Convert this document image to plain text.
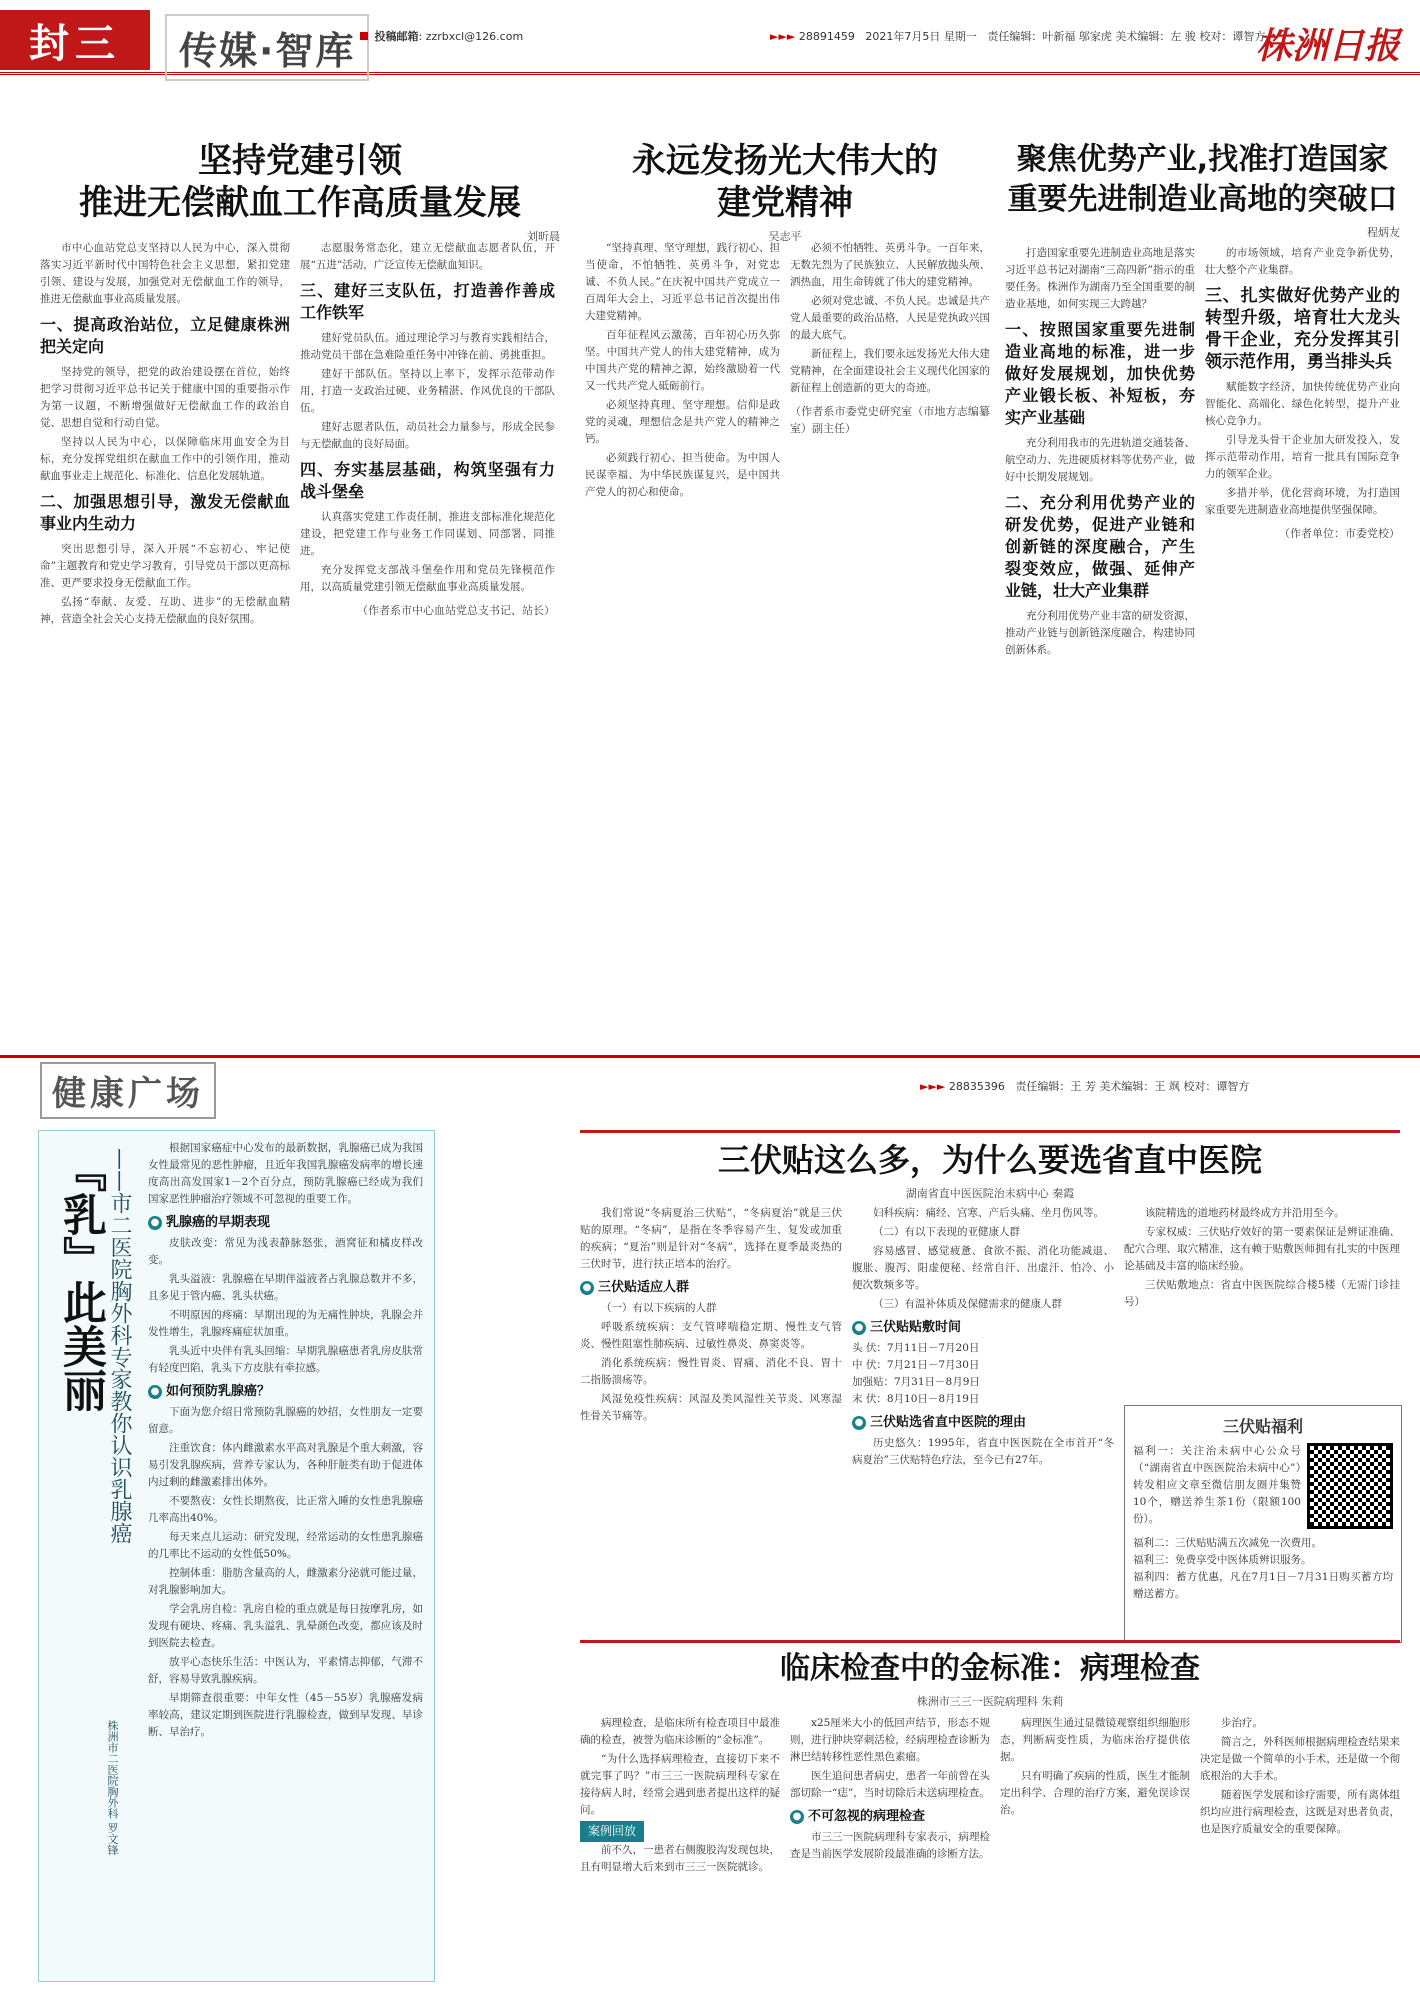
封三	传媒·智库	投稿邮箱: zzrbxcl@126.com	►►► 28891459 2021年7月5日 星期一 责任编辑：叶新福 邬家虎 美术编辑：左 骏 校对：谭智方
株洲日报
坚持党建引领
推进无偿献血工作高质量发展
刘昕晨

市中心血站党总支坚持以人民为中心，深入贯彻落实习近平新时代中国特色社会主义思想，紧扣党建引领、建设与发展，加强党对无偿献血工作的领导，推进无偿献血事业高质量发展。

一、提高政治站位，立足健康株洲把关定向

坚持党的领导，把党的政治建设摆在首位，始终把学习贯彻习近平总书记关于健康中国的重要指示作为第一议题，不断增强做好无偿献血工作的政治自觉、思想自觉和行动自觉。

坚持以人民为中心，以保障临床用血安全为目标，充分发挥党组织在献血工作中的引领作用，推动献血事业走上规范化、标准化、信息化发展轨道。

二、加强思想引导，激发无偿献血事业内生动力

突出思想引导，深入开展“不忘初心、牢记使命”主题教育和党史学习教育，引导党员干部以更高标准、更严要求投身无偿献血工作。

弘扬“奉献、友爱、互助、进步”的无偿献血精神，营造全社会关心支持无偿献血的良好氛围。

志愿服务常态化，建立无偿献血志愿者队伍，开展“五进”活动，广泛宣传无偿献血知识。

三、建好三支队伍，打造善作善成工作铁军

建好党员队伍。通过理论学习与教育实践相结合，推动党员干部在急难险重任务中冲锋在前、勇挑重担。

建好干部队伍。坚持以上率下，发挥示范带动作用，打造一支政治过硬、业务精湛、作风优良的干部队伍。

建好志愿者队伍，动员社会力量参与，形成全民参与无偿献血的良好局面。

四、夯实基层基础，构筑坚强有力战斗堡垒

认真落实党建工作责任制，推进支部标准化规范化建设，把党建工作与业务工作同谋划、同部署、同推进。

充分发挥党支部战斗堡垒作用和党员先锋模范作用，以高质量党建引领无偿献血事业高质量发展。

（作者系市中心血站党总支书记、站长）
永远发扬光大伟大的
建党精神
吴志平

“坚持真理、坚守理想，践行初心、担当使命，不怕牺牲、英勇斗争，对党忠诚、不负人民。”在庆祝中国共产党成立一百周年大会上，习近平总书记首次提出伟大建党精神。

百年征程风云激荡，百年初心历久弥坚。中国共产党人的伟大建党精神，成为中国共产党的精神之源，始终激励着一代又一代共产党人砥砺前行。

必须坚持真理、坚守理想。信仰是政党的灵魂，理想信念是共产党人的精神之钙。

必须践行初心、担当使命。为中国人民谋幸福、为中华民族谋复兴，是中国共产党人的初心和使命。

必须不怕牺牲、英勇斗争。一百年来，无数先烈为了民族独立、人民解放抛头颅、洒热血，用生命铸就了伟大的建党精神。

必须对党忠诚、不负人民。忠诚是共产党人最重要的政治品格，人民是党执政兴国的最大底气。

新征程上，我们要永远发扬光大伟大建党精神，在全面建设社会主义现代化国家的新征程上创造新的更大的奇迹。

（作者系市委党史研究室（市地方志编纂室）副主任）
聚焦优势产业,找准打造国家
重要先进制造业高地的突破口
程炳友

打造国家重要先进制造业高地是落实习近平总书记对湖南“三高四新”指示的重要任务。株洲作为湖南乃至全国重要的制造业基地，如何实现三大跨越？

一、按照国家重要先进制造业高地的标准，进一步做好发展规划，加快优势产业锻长板、补短板，夯实产业基础

充分利用我市的先进轨道交通装备、航空动力、先进硬质材料等优势产业，做好中长期发展规划。

二、充分利用优势产业的研发优势，促进产业链和创新链的深度融合，产生裂变效应，做强、延伸产业链，壮大产业集群

充分利用优势产业丰富的研发资源，推动产业链与创新链深度融合，构建协同创新体系。

的市场领域，培育产业竞争新优势，壮大整个产业集群。

三、扎实做好优势产业的转型升级，培育壮大龙头骨干企业，充分发挥其引领示范作用，勇当排头兵

赋能数字经济，加快传统优势产业向智能化、高端化、绿色化转型，提升产业核心竞争力。

引导龙头骨干企业加大研发投入，发挥示范带动作用，培育一批具有国际竞争力的领军企业。

多措并举，优化营商环境，为打造国家重要先进制造业高地提供坚强保障。

（作者单位：市委党校）
健康广场	►►► 28835396 责任编辑：王 芳 美术编辑：王 飒 校对：谭智方
『乳』此美丽 ——市二医院胸外科专家教你认识乳腺癌
株洲市二医院胸外科 罗文锋

根据国家癌症中心发布的最新数据，乳腺癌已成为我国女性最常见的恶性肿瘤，且近年我国乳腺癌发病率的增长速度高出高发国家1－2个百分点，预防乳腺癌已经成为我们国家恶性肿瘤治疗领域不可忽视的重要工作。

● 乳腺癌的早期表现

皮肤改变：常见为浅表静脉怒张，酒窝征和橘皮样改变。

乳头溢液：乳腺癌在早期伴溢液者占乳腺总数并不多，且多见于管内癌、乳头状癌。

不明原因的疼痛：早期出现的为无痛性肿块，乳腺会并发性增生，乳腺疼痛症状加重。

乳头近中央伴有乳头回缩：早期乳腺癌患者乳房皮肤常有轻度凹陷，乳头下方皮肤有牵拉感。

● 如何预防乳腺癌？

下面为您介绍日常预防乳腺癌的妙招，女性朋友一定要留意。

注重饮食：体内雌激素水平高对乳腺是个重大刺激，容易引发乳腺疾病，营养专家认为，各种肝脏类有助于促进体内过剩的雌激素排出体外。

不要熬夜：女性长期熬夜，比正常入睡的女性患乳腺癌几率高出40%。

每天来点儿运动：研究发现，经常运动的女性患乳腺癌的几率比不运动的女性低50%。

控制体重：脂肪含量高的人，雌激素分泌就可能过量，对乳腺影响加大。

学会乳房自检：乳房自检的重点就是每日按摩乳房，如发现有硬块、疼痛、乳头溢乳、乳晕颜色改变，都应该及时到医院去检查。

放平心态快乐生活：中医认为，平素情志抑郁，气滞不舒，容易导致乳腺疾病。

早期筛查很重要：中年女性（45－55岁）乳腺癌发病率较高，建议定期到医院进行乳腺检查，做到早发现、早诊断、早治疗。

三伏贴这么多，为什么要选省直中医院
湖南省直中医医院治未病中心 秦霞

我们常说“冬病夏治三伏贴”，“冬病夏治”就是三伏贴的原理。“冬病”，是指在冬季容易产生、复发或加重的疾病；“夏治”则是针对“冬病”，选择在夏季最炎热的三伏时节，进行扶正培本的治疗。

● 三伏贴适应人群

（一）有以下疾病的人群

呼吸系统疾病：支气管哮喘稳定期、慢性支气管炎、慢性阻塞性肺疾病、过敏性鼻炎、鼻窦炎等。

消化系统疾病：慢性胃炎、胃痛、消化不良、胃十二指肠溃疡等。

风湿免疫性疾病：风湿及类风湿性关节炎、风寒湿性骨关节痛等。

妇科疾病：痛经、宫寒、产后头痛、坐月伤风等。

（二）有以下表现的亚健康人群

容易感冒、感觉疲惫、食欲不振、消化功能减退、腹胀、腹泻、阳虚便秘、经常自汗、出虚汗、怕冷、小便次数频多等。

（三）有温补体质及保健需求的健康人群

● 三伏贴贴敷时间
头 伏：7月11日－7月20日
中 伏：7月21日－7月30日
加强贴：7月31日－8月9日
末 伏：8月10日－8月19日
● 三伏贴选省直中医院的理由

历史悠久：1995年，省直中医医院在全市首开“冬病夏治”三伏贴特色疗法，至今已有27年。

该院精选的道地药材最终成方并沿用至今。

专家权威：三伏贴疗效好的第一要素保证是辨证准确、配穴合理、取穴精准，这有赖于贴敷医师拥有扎实的中医理论基础及丰富的临床经验。

三伏贴敷地点：省直中医医院综合楼5楼（无需门诊挂号）

三伏贴福利
福利一：关注治未病中心公众号（“湖南省直中医医院治未病中心”）转发相应文章至微信朋友圈并集赞10个，赠送养生茶1份（限额100份）。
福利二：三伏贴贴满五次减免一次费用。
福利三：免费享受中医体质辨识服务。
福利四：蓄方优惠，凡在7月1日－7月31日购买蓄方均赠送蓄方。
临床检查中的金标准：病理检查
株洲市三三一医院病理科 朱莉

病理检查，是临床所有检查项目中最准确的检查，被誉为临床诊断的“金标准”。

“为什么选择病理检查，直接切下来不就完事了吗？”市三三一医院病理科专家在接待病人时，经常会遇到患者提出这样的疑问。

案例回放

前不久，一患者右侧腹股沟发现包块，且有明显增大后来到市三三一医院就诊。

x25厘米大小的低回声结节，形态不规则，进行肿块穿刺活检，经病理检查诊断为淋巴结转移性恶性黑色素瘤。

医生追问患者病史，患者一年前曾在头部切除一“痣”，当时切除后未送病理检查。

● 不可忽视的病理检查

市三三一医院病理科专家表示，病理检查是当前医学发展阶段最准确的诊断方法。

病理医生通过显微镜观察组织细胞形态，判断病变性质，为临床治疗提供依据。

只有明确了疾病的性质，医生才能制定出科学、合理的治疗方案，避免误诊误治。

步治疗。

简言之，外科医师根据病理检查结果来决定是做一个简单的小手术，还是做一个彻底根治的大手术。

随着医学发展和诊疗需要，所有离体组织均应进行病理检查，这既是对患者负责，也是医疗质量安全的重要保障。
